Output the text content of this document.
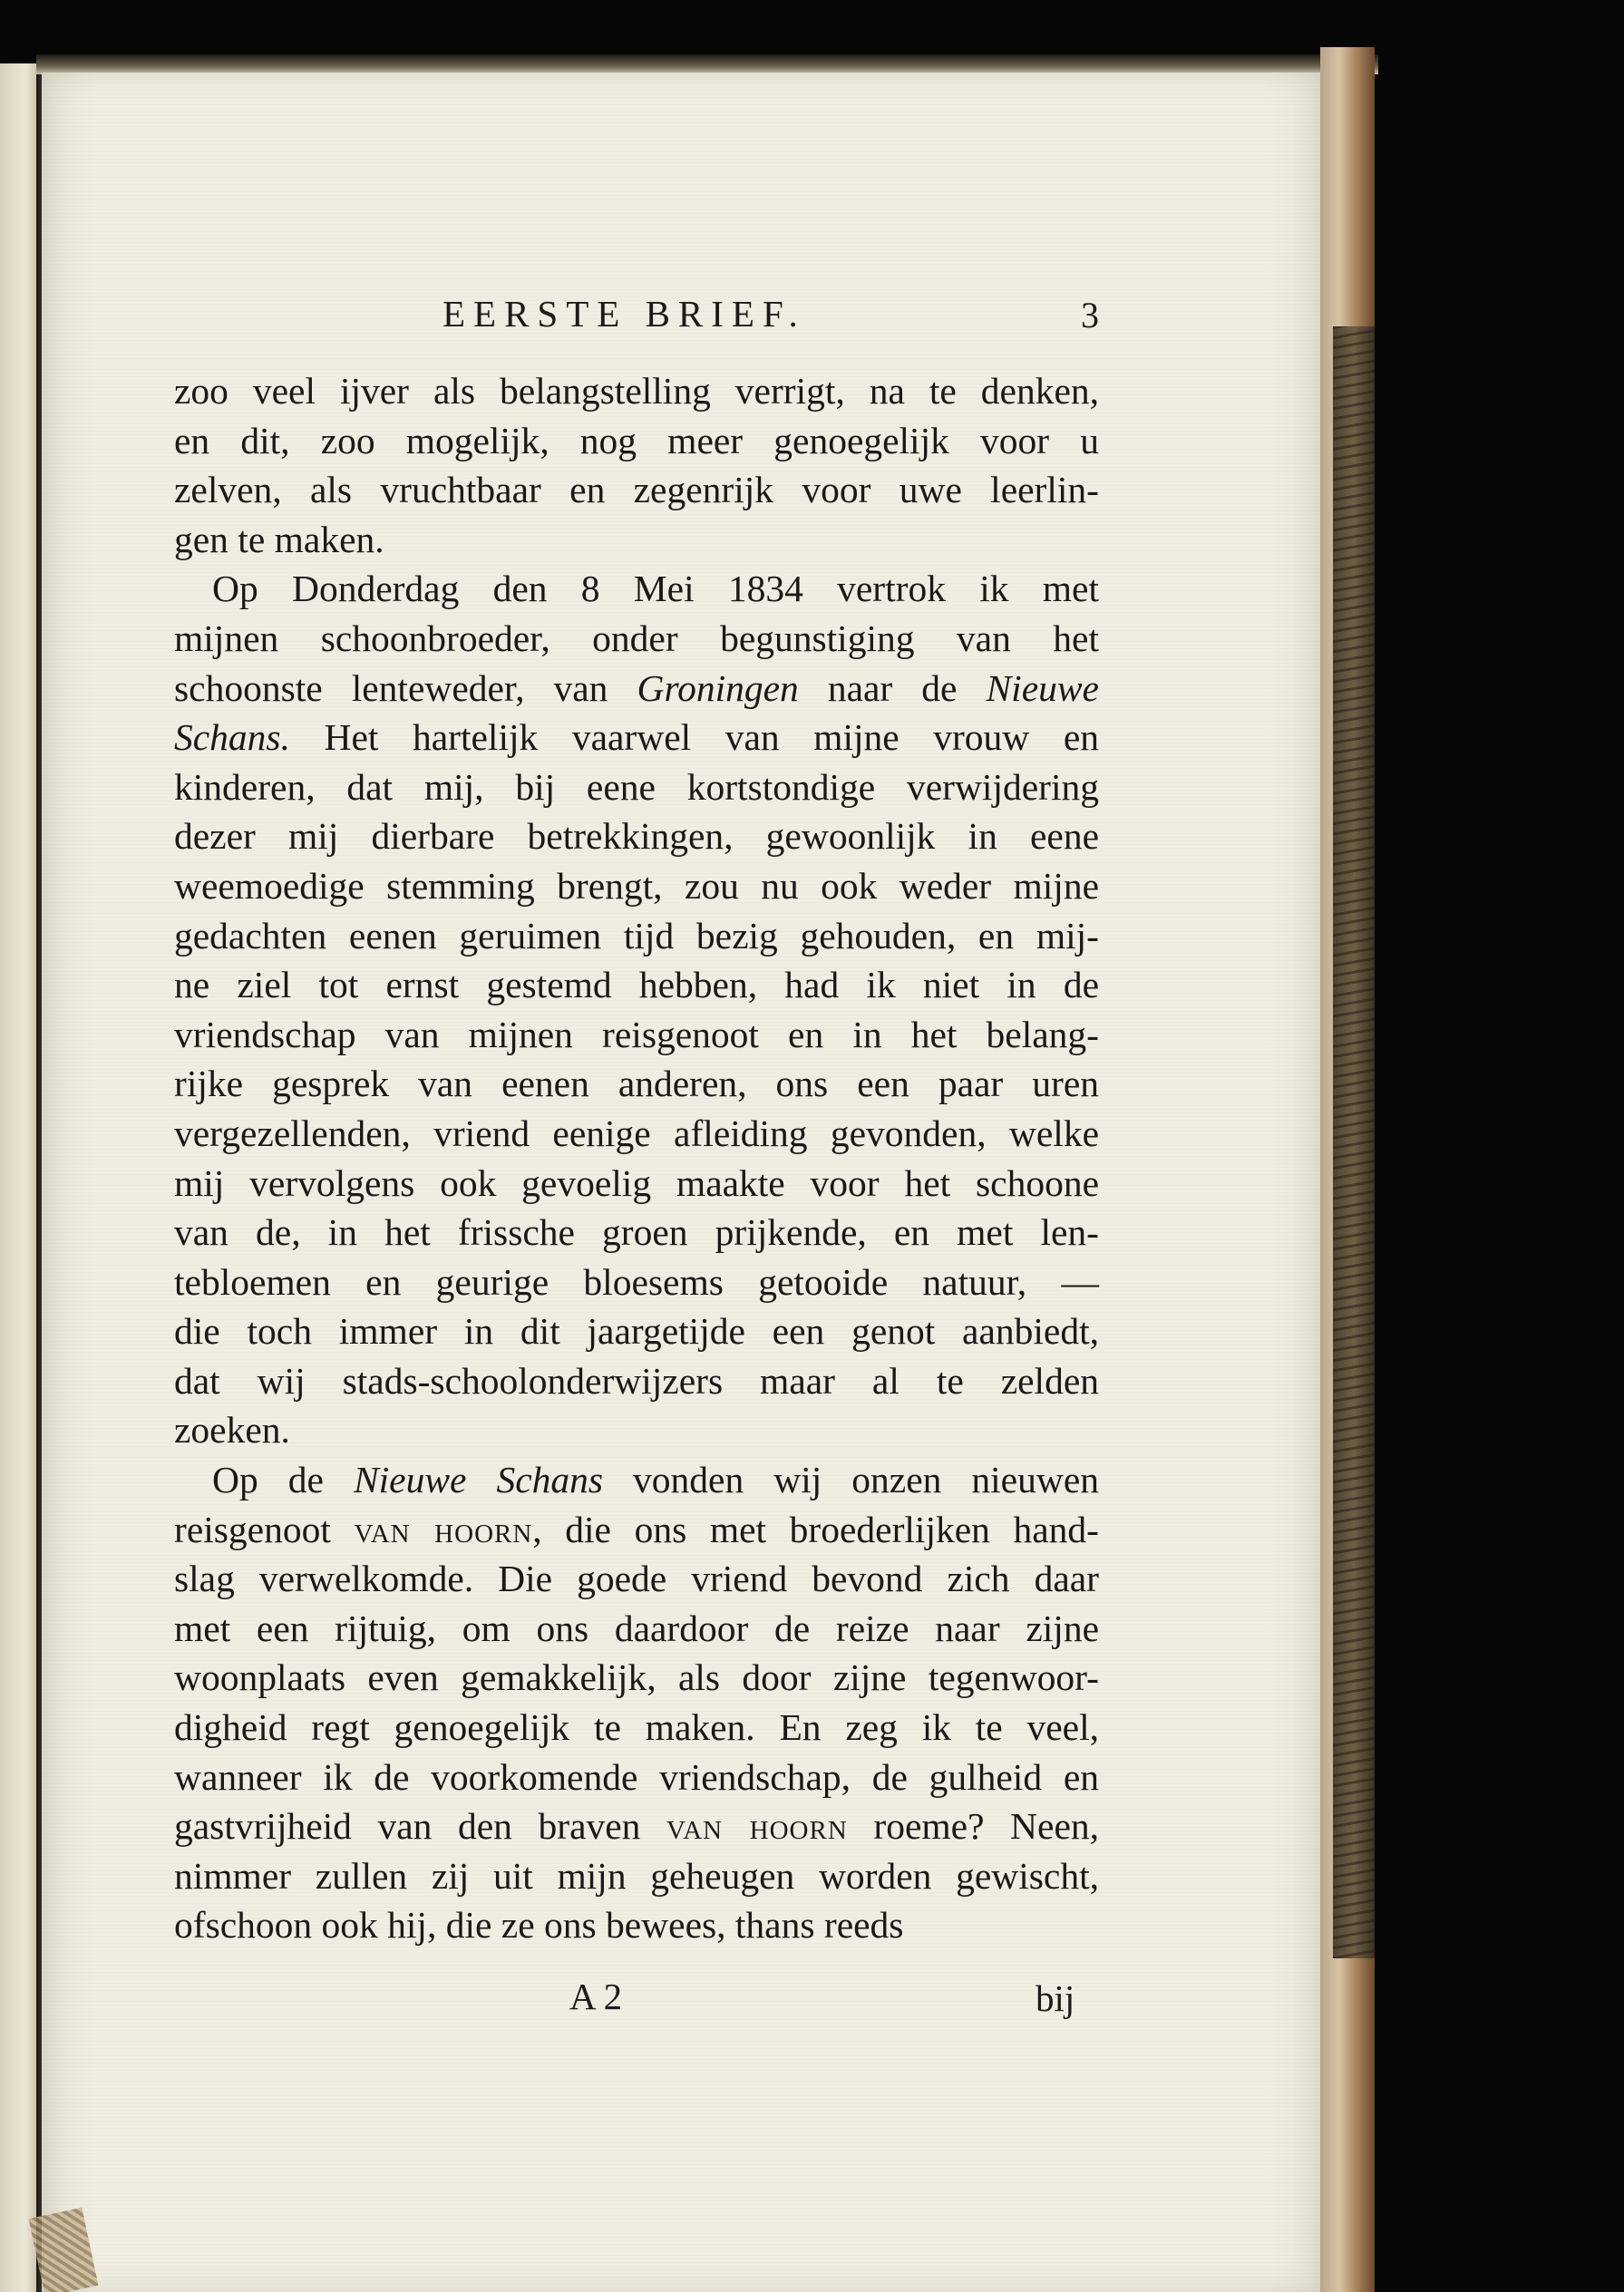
EERSTE BRIEF.	3
zoo veel ijver als belangstelling verrigt, na te denken,
en dit, zoo mogelijk, nog meer genoegelijk voor u
zelven, als vruchtbaar en zegenrijk voor uwe leerlin-
gen te maken.
Op Donderdag den 8 Mei 1834 vertrok ik met
mijnen schoonbroeder, onder begunstiging van het
schoonste lenteweder, van Groningen naar de Nieuwe
Schans. Het hartelijk vaarwel van mijne vrouw en
kinderen, dat mij, bij eene kortstondige verwijdering
dezer mij dierbare betrekkingen, gewoonlijk in eene
weemoedige stemming brengt, zou nu ook weder mijne
gedachten eenen geruimen tijd bezig gehouden, en mij-
ne ziel tot ernst gestemd hebben, had ik niet in de
vriendschap van mijnen reisgenoot en in het belang-
rijke gesprek van eenen anderen, ons een paar uren
vergezellenden, vriend eenige afleiding gevonden, welke
mij vervolgens ook gevoelig maakte voor het schoone
van de, in het frissche groen prijkende, en met len-
tebloemen en geurige bloesems getooide natuur, —
die toch immer in dit jaargetijde een genot aanbiedt,
dat wij stads-schoolonderwijzers maar al te zelden
zoeken.
Op de Nieuwe Schans vonden wij onzen nieuwen
reisgenoot van hoorn, die ons met broederlijken hand-
slag verwelkomde. Die goede vriend bevond zich daar
met een rijtuig, om ons daardoor de reize naar zijne
woonplaats even gemakkelijk, als door zijne tegenwoor-
digheid regt genoegelijk te maken. En zeg ik te veel,
wanneer ik de voorkomende vriendschap, de gulheid en
gastvrijheid van den braven van hoorn roeme? Neen,
nimmer zullen zij uit mijn geheugen worden gewischt,
ofschoon ook hij, die ze ons bewees, thans reeds
A 2	bij
